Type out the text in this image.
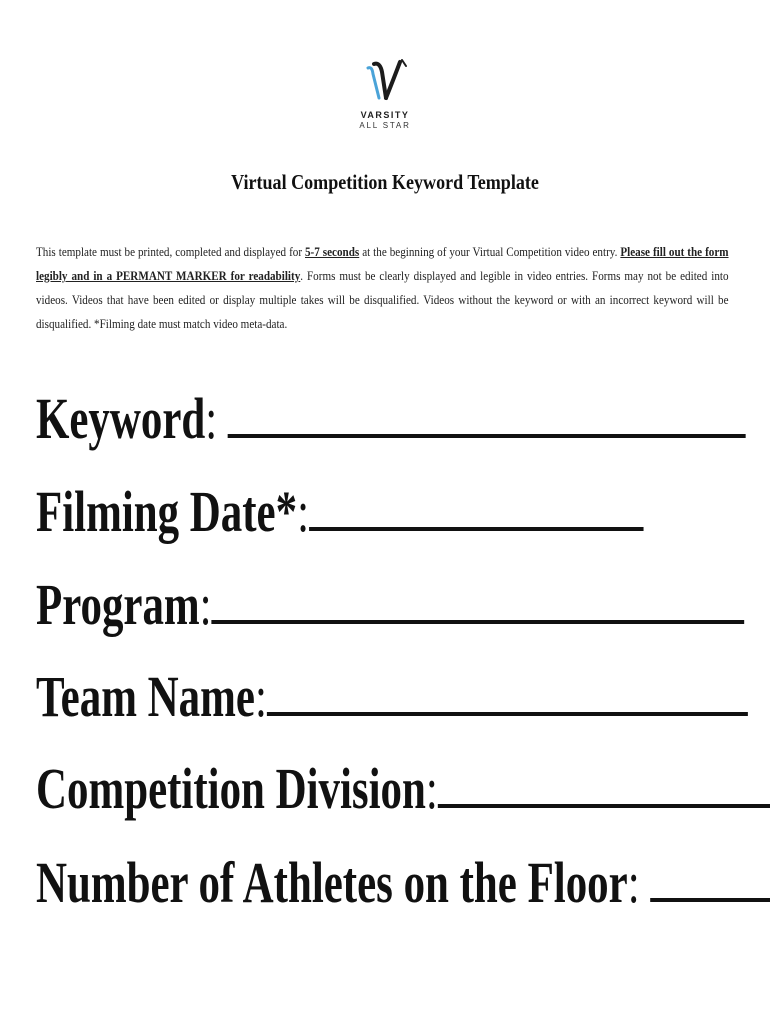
VARSITY
ALL STAR
Virtual Competition Keyword Template
This template must be printed, completed and displayed for 5-7 seconds at the beginning of your Virtual Competition video entry. Please fill out the form legibly and in a PERMANT MARKER for readability. Forms must be clearly displayed and legible in video entries. Forms may not be edited into videos. Videos that have been edited or display multiple takes will be disqualified. Videos without the keyword or with an incorrect keyword will be disqualified. *Filming date must match video meta-data.
Keyword:
Filming Date*:
Program:
Team Name:
Competition Division:
Number of Athletes on the Floor:
